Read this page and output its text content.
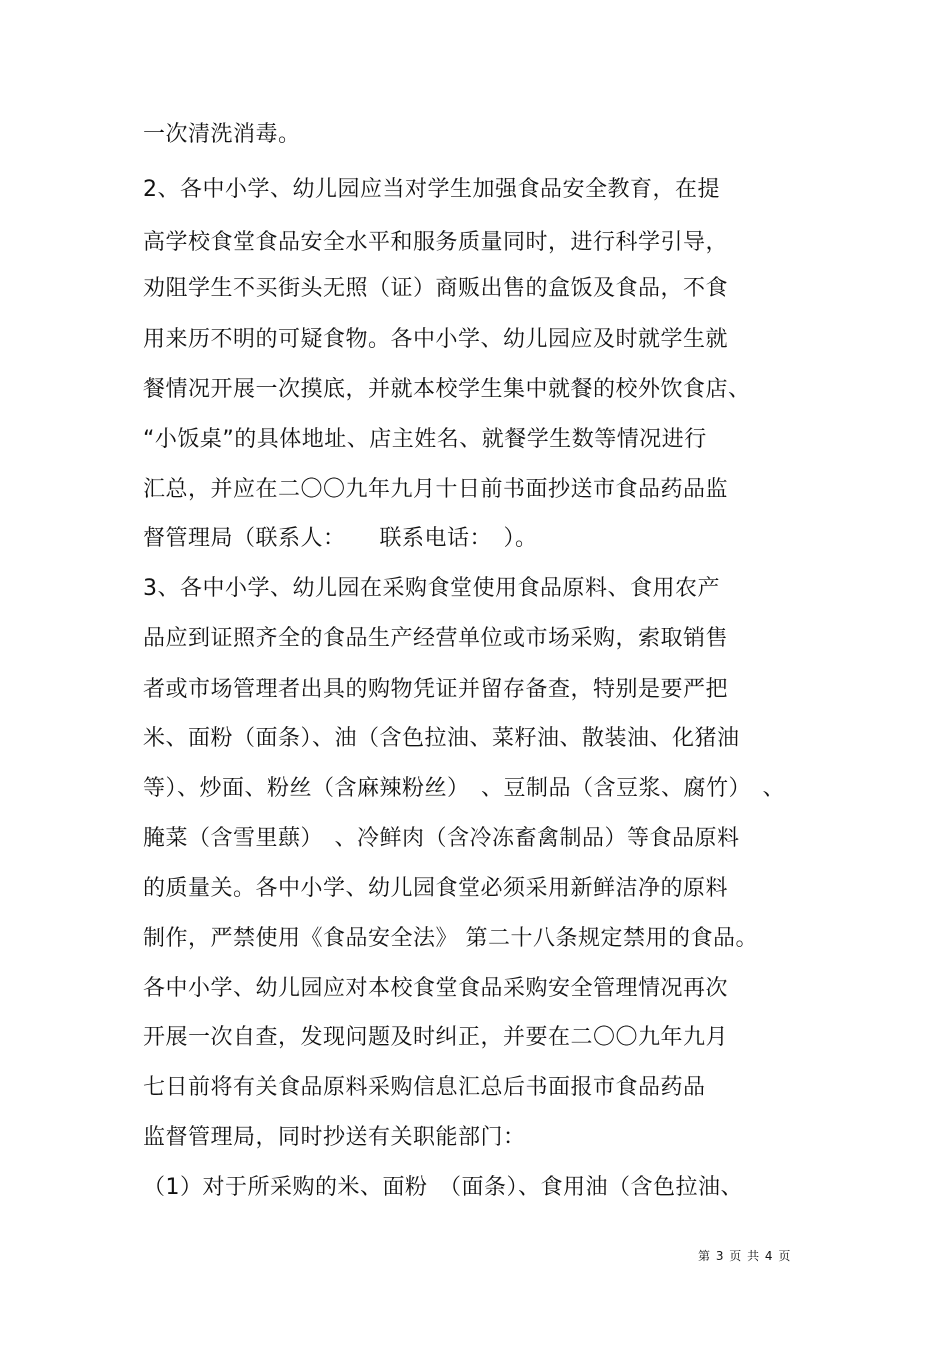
一次清洗消毒。
2、各中小学、幼儿园应当对学生加强食品安全教育，在提
高学校食堂食品安全水平和服务质量同时，进行科学引导，
劝阻学生不买街头无照（证）商贩出售的盒饭及食品，不食
用来历不明的可疑食物。各中小学、幼儿园应及时就学生就
餐情况开展一次摸底，并就本校学生集中就餐的校外饮食店、
“小饭桌”的具体地址、店主姓名、就餐学生数等情况进行
汇总，并应在二〇〇九年九月十日前书面抄送市食品药品监
督管理局（联系人：　　联系电话：　）。
3、各中小学、幼儿园在采购食堂使用食品原料、食用农产
品应到证照齐全的食品生产经营单位或市场采购，索取销售
者或市场管理者出具的购物凭证并留存备查，特别是要严把
米、面粉（面条）、油（含色拉油、菜籽油、散装油、化猪油
等）、炒面、粉丝（含麻辣粉丝）　、豆制品（含豆浆、腐竹）　、
腌菜（含雪里蕻）　、冷鲜肉（含冷冻畜禽制品）等食品原料
的质量关。各中小学、幼儿园食堂必须采用新鲜洁净的原料
制作，严禁使用《食品安全法》 第二十八条规定禁用的食品。
各中小学、幼儿园应对本校食堂食品采购安全管理情况再次
开展一次自查，发现问题及时纠正，并要在二〇〇九年九月
七日前将有关食品原料采购信息汇总后书面报市食品药品
监督管理局，同时抄送有关职能部门：
（1）对于所采购的米、面粉　（面条）、食用油（含色拉油、
第 3 页 共 4 页
